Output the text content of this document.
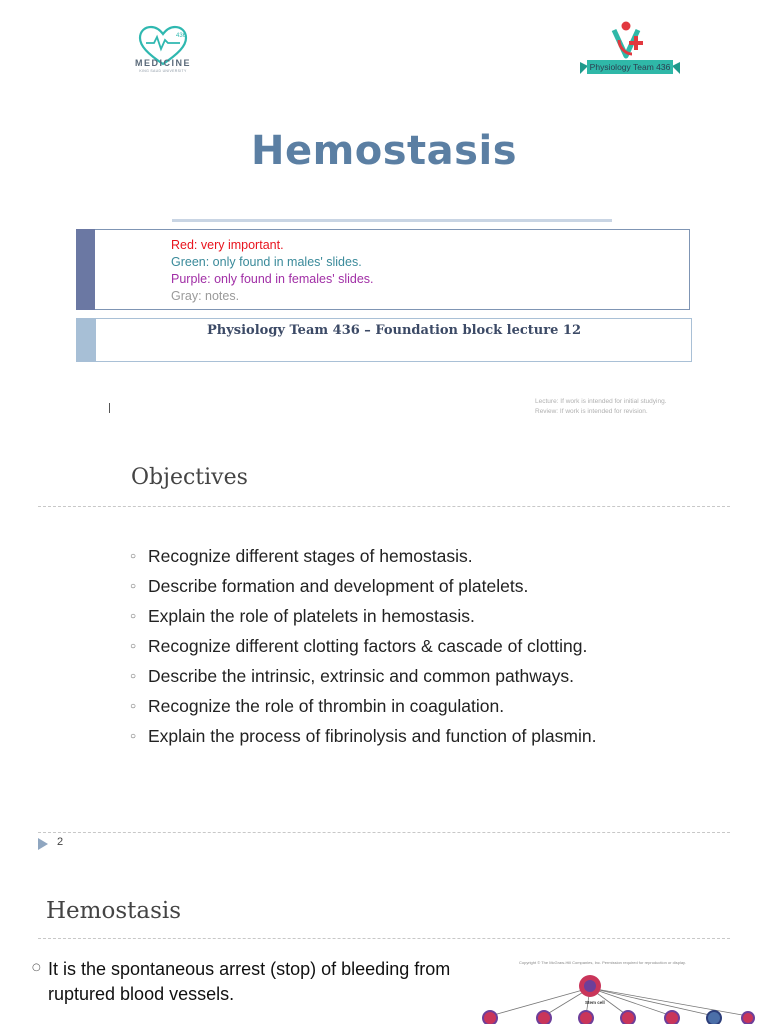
436
MEDICINE
KING SAUD UNIVERSITY	Physiology Team 436
Hemostasis
Red: very important.
Green: only found in males' slides.
Purple: only found in females' slides.
Gray: notes.
Physiology Team 436 – Foundation block lecture 12
Lecture: If work is intended for initial studying.
Review: If work is intended for revision.
Objectives
○ Recognize different stages of hemostasis.
○ Describe formation and development of platelets.
○ Explain the role of platelets in hemostasis.
○ Recognize different clotting factors & cascade of clotting.
○ Describe the intrinsic, extrinsic and common pathways.
○ Recognize the role of thrombin in coagulation.
○ Explain the process of fibrinolysis and function of plasmin.
2
Hemostasis
○ It is the spontaneous arrest (stop) of bleeding from ruptured blood vessels.
Copyright © The McGraw-Hill Companies, Inc. Permission required for reproduction or display.
Stem cell
